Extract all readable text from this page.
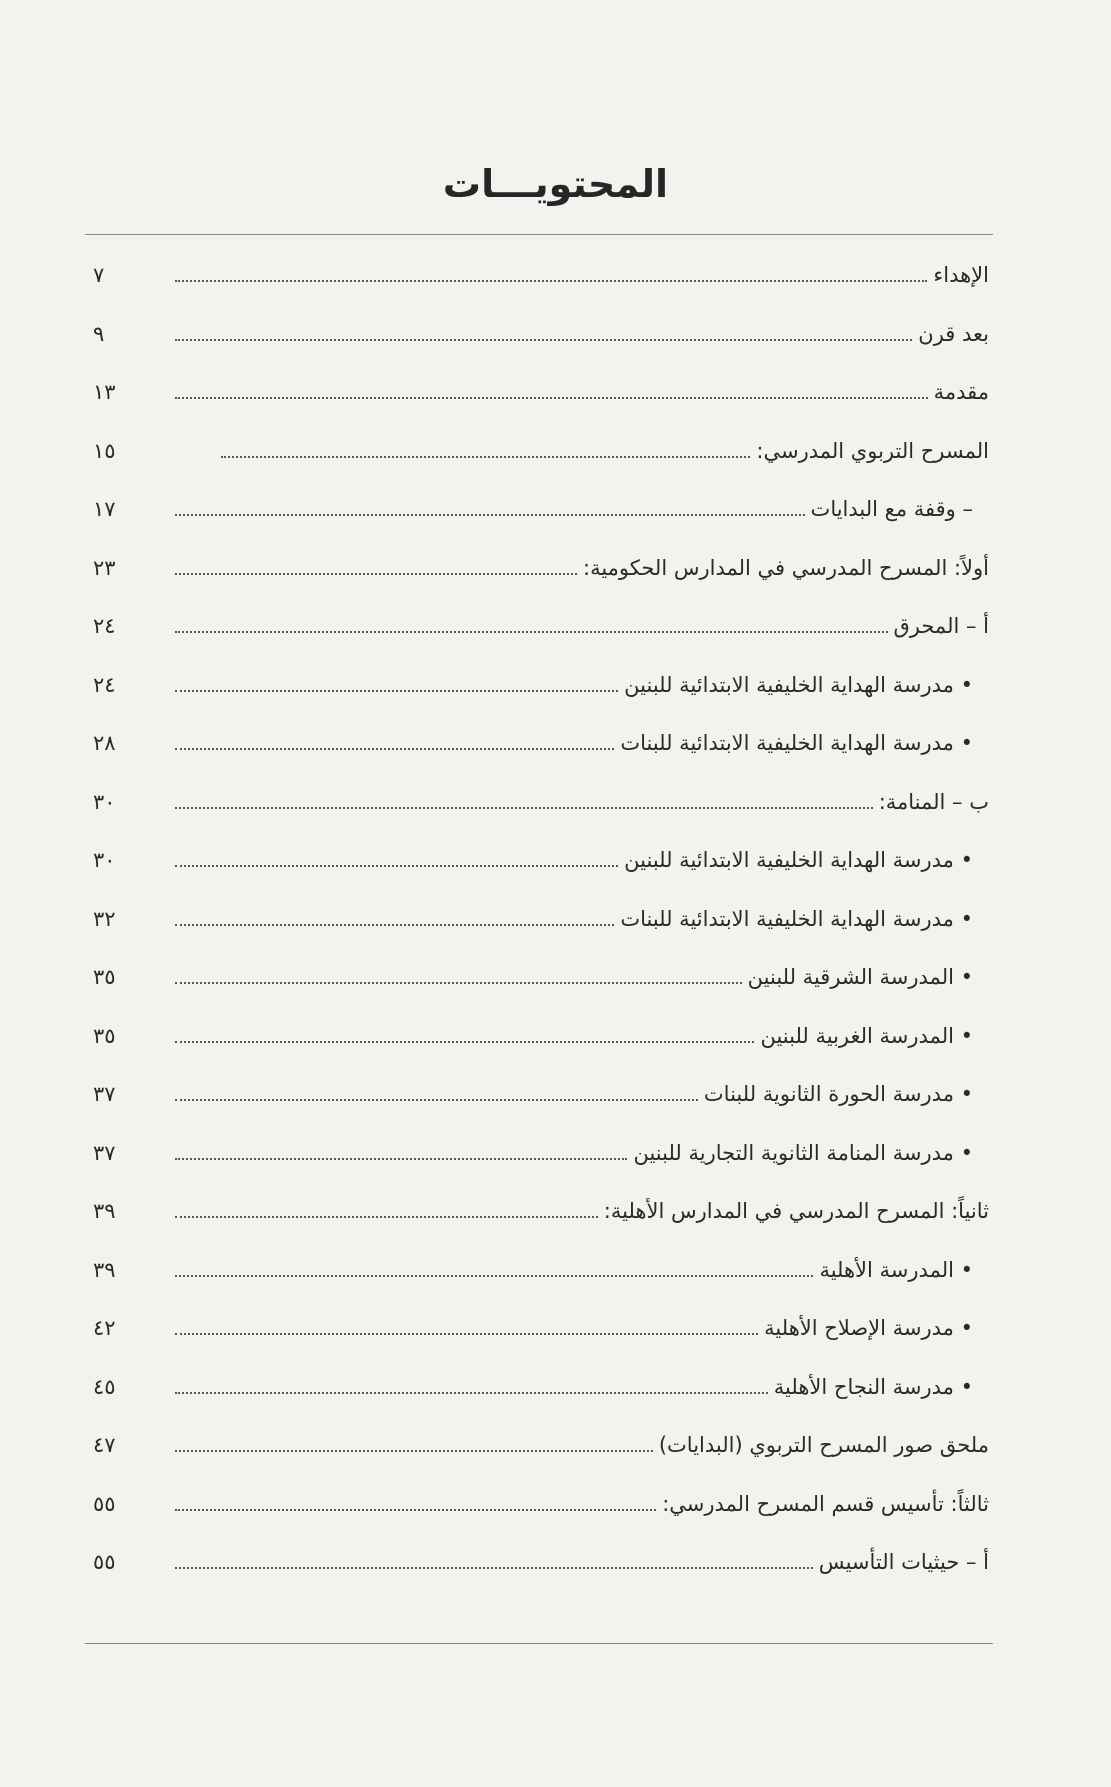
المحتويـــات
الإهداء
٧
بعد قرن
٩
مقدمة
١٣
المسرح التربوي المدرسي:
١٥
– وقفة مع البدايات
١٧
أولاً: المسرح المدرسي في المدارس الحكومية:
٢٣
أ – المحرق
٢٤
• مدرسة الهداية الخليفية الابتدائية للبنين
٢٤
• مدرسة الهداية الخليفية الابتدائية للبنات
٢٨
ب – المنامة:
٣٠
• مدرسة الهداية الخليفية الابتدائية للبنين
٣٠
• مدرسة الهداية الخليفية الابتدائية للبنات
٣٢
• المدرسة الشرقية للبنين
٣٥
• المدرسة الغربية للبنين
٣٥
• مدرسة الحورة الثانوية للبنات
٣٧
• مدرسة المنامة الثانوية التجارية للبنين
٣٧
ثانياً: المسرح المدرسي في المدارس الأهلية:
٣٩
• المدرسة الأهلية
٣٩
• مدرسة الإصلاح الأهلية
٤٢
• مدرسة النجاح الأهلية
٤٥
ملحق صور المسرح التربوي (البدايات)
٤٧
ثالثاً: تأسيس قسم المسرح المدرسي:
٥٥
أ – حيثيات التأسيس
٥٥
